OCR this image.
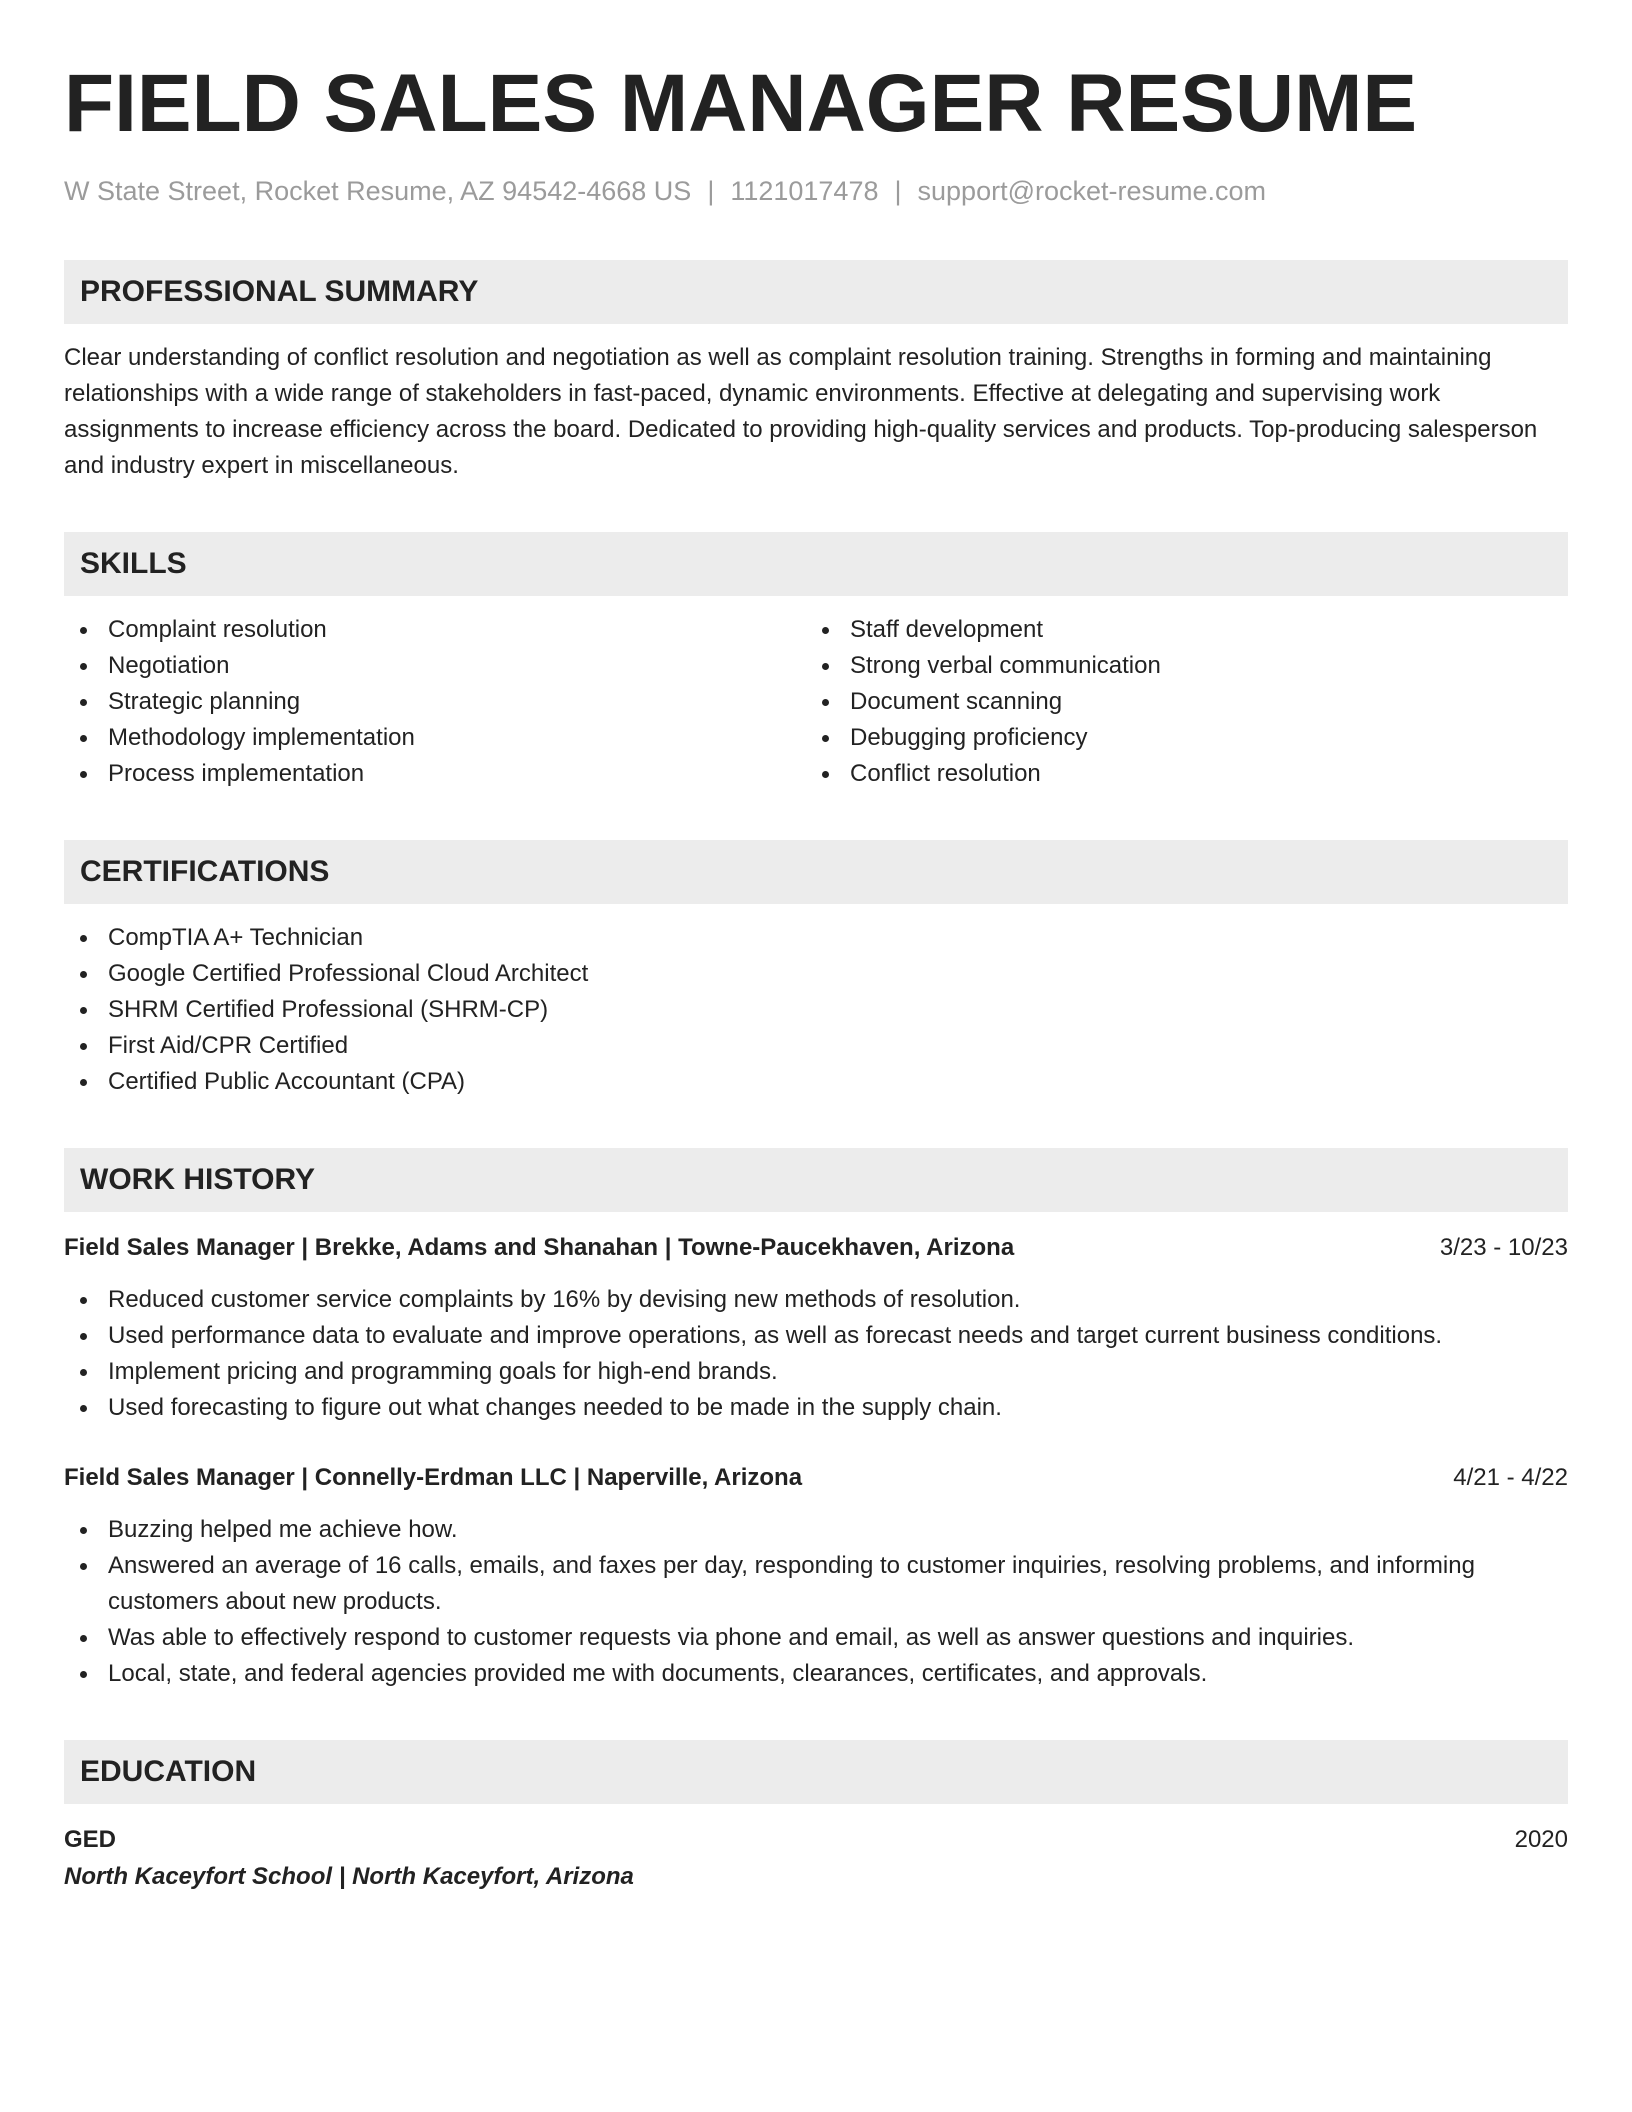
FIELD SALES MANAGER RESUME
W State Street, Rocket Resume, AZ 94542-4668 US | 1121017478 | support@rocket-resume.com
PROFESSIONAL SUMMARY

Clear understanding of conflict resolution and negotiation as well as complaint resolution training. Strengths in forming and maintaining relationships with a wide range of stakeholders in fast-paced, dynamic environments. Effective at delegating and supervising work assignments to increase efficiency across the board. Dedicated to providing high-quality services and products. Top-producing salesperson and industry expert in miscellaneous.

SKILLS
Complaint resolution
Negotiation
Strategic planning
Methodology implementation
Process implementation
Staff development
Strong verbal communication
Document scanning
Debugging proficiency
Conflict resolution
CERTIFICATIONS
CompTIA A+ Technician
Google Certified Professional Cloud Architect
SHRM Certified Professional (SHRM-CP)
First Aid/CPR Certified
Certified Public Accountant (CPA)
WORK HISTORY
Field Sales Manager | Brekke, Adams and Shanahan | Towne-Paucekhaven, Arizona	3/23 - 10/23
Reduced customer service complaints by 16% by devising new methods of resolution.
Used performance data to evaluate and improve operations, as well as forecast needs and target current business conditions.
Implement pricing and programming goals for high-end brands.
Used forecasting to figure out what changes needed to be made in the supply chain.
Field Sales Manager | Connelly-Erdman LLC | Naperville, Arizona	4/21 - 4/22
Buzzing helped me achieve how.
Answered an average of 16 calls, emails, and faxes per day, responding to customer inquiries, resolving problems, and informing customers about new products.
Was able to effectively respond to customer requests via phone and email, as well as answer questions and inquiries.
Local, state, and federal agencies provided me with documents, clearances, certificates, and approvals.
EDUCATION
GED	2020
North Kaceyfort School | North Kaceyfort, Arizona
